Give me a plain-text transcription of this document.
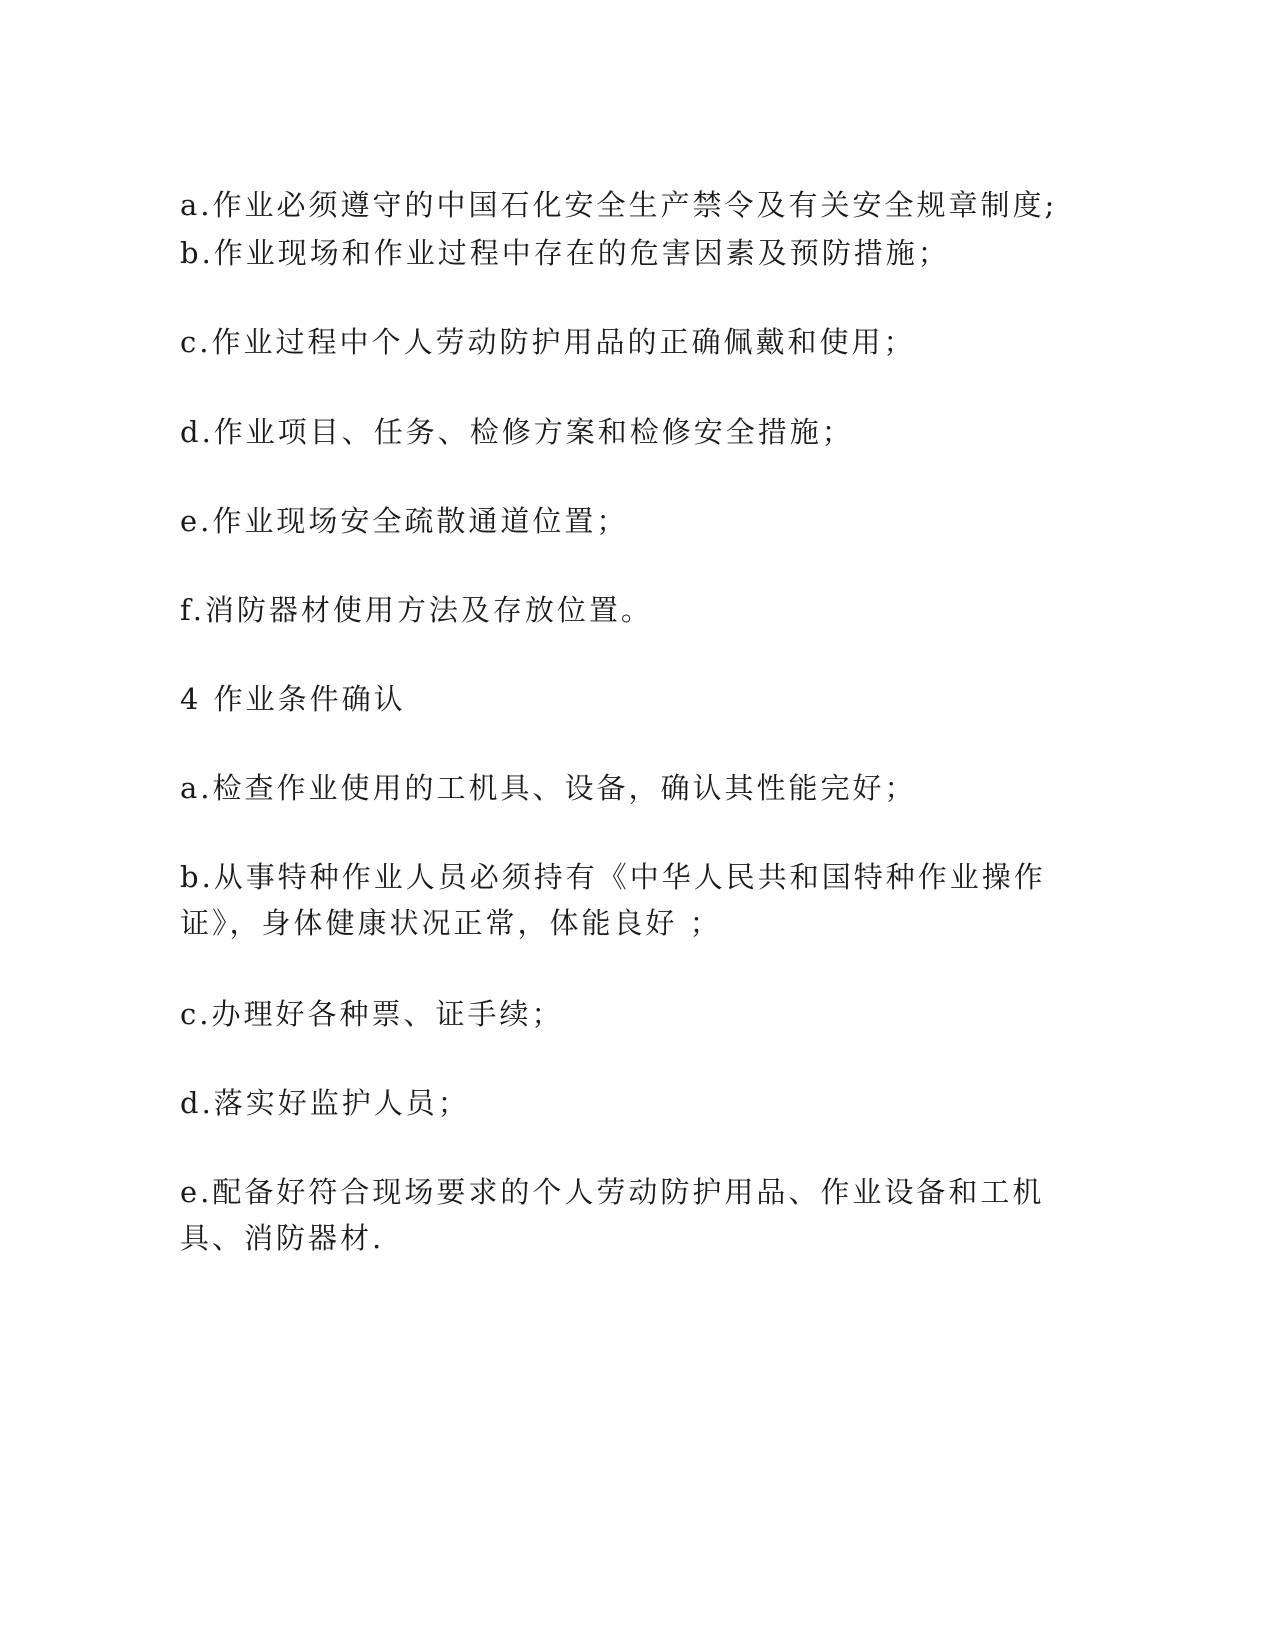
a.作业必须遵守的中国石化安全生产禁令及有关安全规章制度;
b.作业现场和作业过程中存在的危害因素及预防措施；
c.作业过程中个人劳动防护用品的正确佩戴和使用；
d.作业项目、任务、检修方案和检修安全措施；
e.作业现场安全疏散通道位置；
f.消防器材使用方法及存放位置。
4 作业条件确认
a.检查作业使用的工机具、设备，确认其性能完好；
b.从事特种作业人员必须持有《中华人民共和国特种作业操作证》，身体健康状况正常，体能良好 ；
c.办理好各种票、证手续；
d.落实好监护人员；
e.配备好符合现场要求的个人劳动防护用品、作业设备和工机具、消防器材.
